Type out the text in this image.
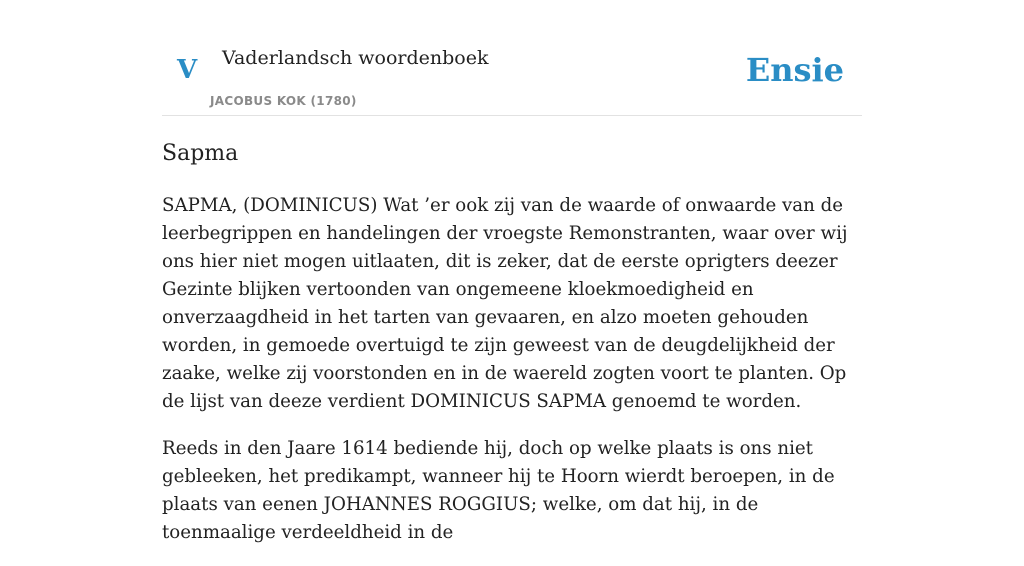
V Vaderlandsch woordenboek
JACOBUS KOK (1780)
Ensie
Sapma

SAPMA, (DOMINICUS) Wat ’er ook zij van de waarde of onwaarde van de leerbegrippen en handelingen der vroegste Remonstranten, waar over wij ons hier niet mogen uitlaaten, dit is zeker, dat de eerste oprigters deezer Gezinte blijken vertoonden van ongemeene kloekmoedigheid en onverzaagdheid in het tarten van gevaaren, en alzo moeten gehouden worden, in gemoede overtuigd te zijn geweest van de deugdelijkheid der zaake, welke zij voorstonden en in de waereld zogten voort te planten. Op de lijst van deeze verdient DOMINICUS SAPMA genoemd te worden.

Reeds in den Jaare 1614 bediende hij, doch op welke plaats is ons niet gebleeken, het predikampt, wanneer hij te Hoorn wierdt beroepen, in de plaats van eenen JOHANNES ROGGIUS; welke, om dat hij, in de toenmaalige verdeeldheid in de
